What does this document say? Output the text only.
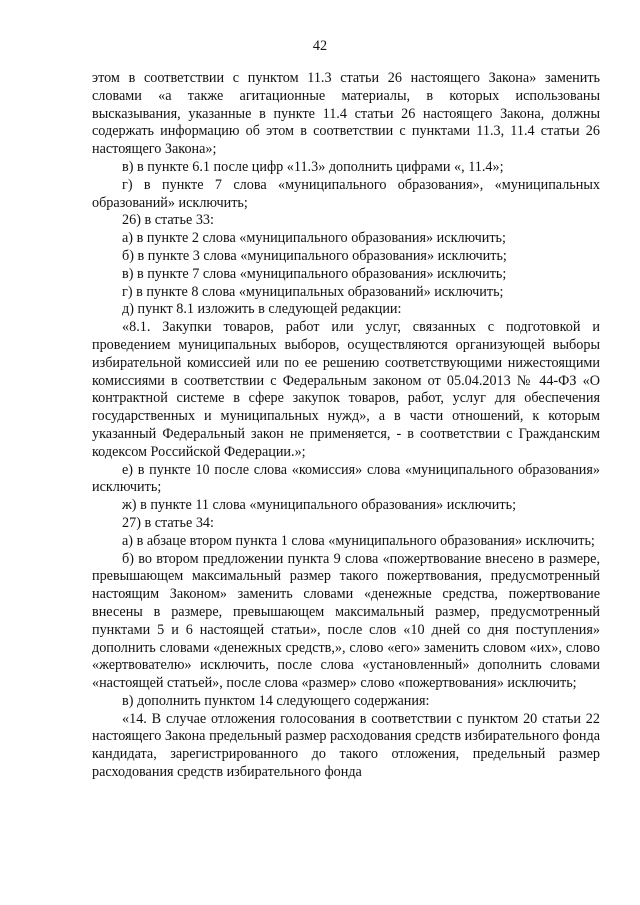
42

этом в соответствии с пунктом 11.3 статьи 26 настоящего Закона» заменить словами «а также агитационные материалы, в которых использованы высказывания, указанные в пункте 11.4 статьи 26 настоящего Закона, должны содержать информацию об этом в соответствии с пунктами 11.3, 11.4 статьи 26 настоящего Закона»;

в) в пункте 6.1 после цифр «11.3» дополнить цифрами «, 11.4»;

г) в пункте 7 слова «муниципального образования», «муниципальных образований» исключить;

26) в статье 33:

а) в пункте 2 слова «муниципального образования» исключить;

б) в пункте 3 слова «муниципального образования» исключить;

в) в пункте 7 слова «муниципального образования» исключить;

г) в пункте 8 слова «муниципальных образований» исключить;

д) пункт 8.1 изложить в следующей редакции:

«8.1. Закупки товаров, работ или услуг, связанных с подготовкой и проведением муниципальных выборов, осуществляются организующей выборы избирательной комиссией или по ее решению соответствующими нижестоящими комиссиями в соответствии с Федеральным законом от 05.04.2013 № 44-ФЗ «О контрактной системе в сфере закупок товаров, работ, услуг для обеспечения государственных и муниципальных нужд», а в части отношений, к которым указанный Федеральный закон не применяется, - в соответствии с Гражданским кодексом Российской Федерации.»;

е) в пункте 10 после слова «комиссия» слова «муниципального образования» исключить;

ж) в пункте 11 слова «муниципального образования» исключить;

27) в статье 34:

а) в абзаце втором пункта 1 слова «муниципального образования» исключить;

б) во втором предложении пункта 9 слова «пожертвование внесено в размере, превышающем максимальный размер такого пожертвования, предусмотренный настоящим Законом» заменить словами «денежные средства, пожертвование внесены в размере, превышающем максимальный размер, предусмотренный пунктами 5 и 6 настоящей статьи», после слов «10 дней со дня поступления» дополнить словами «денежных средств,», слово «его» заменить словом «их», слово «жертвователю» исключить, после слова «установленный» дополнить словами «настоящей статьей», после слова «размер» слово «пожертвования» исключить;

в) дополнить пунктом 14 следующего содержания:

«14. В случае отложения голосования в соответствии с пунктом 20 статьи 22 настоящего Закона предельный размер расходования средств избирательного фонда кандидата, зарегистрированного до такого отложения, предельный размер расходования средств избирательного фонда
